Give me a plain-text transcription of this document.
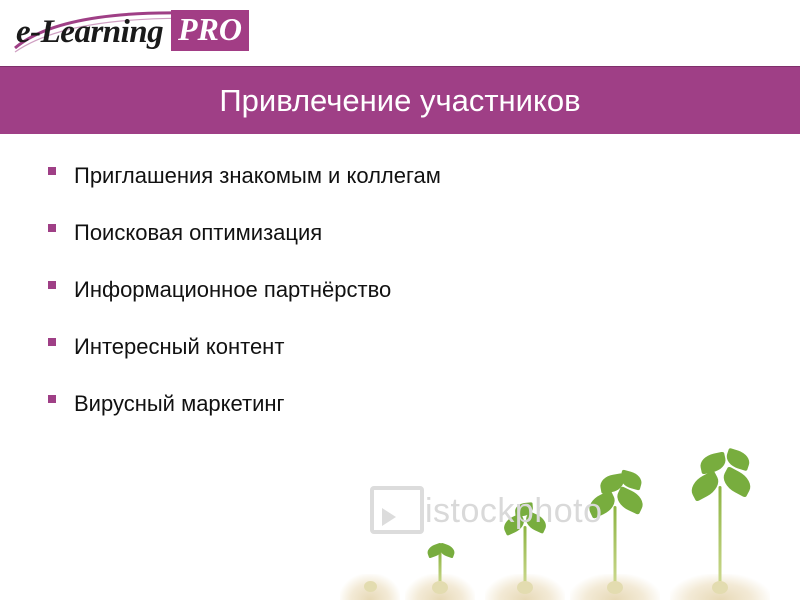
e-Learning PRO
Привлечение участников
Приглашения знакомым и коллегам
Поисковая оптимизация
Информационное партнёрство
Интересный контент
Вирусный маркетинг
istockphoto
